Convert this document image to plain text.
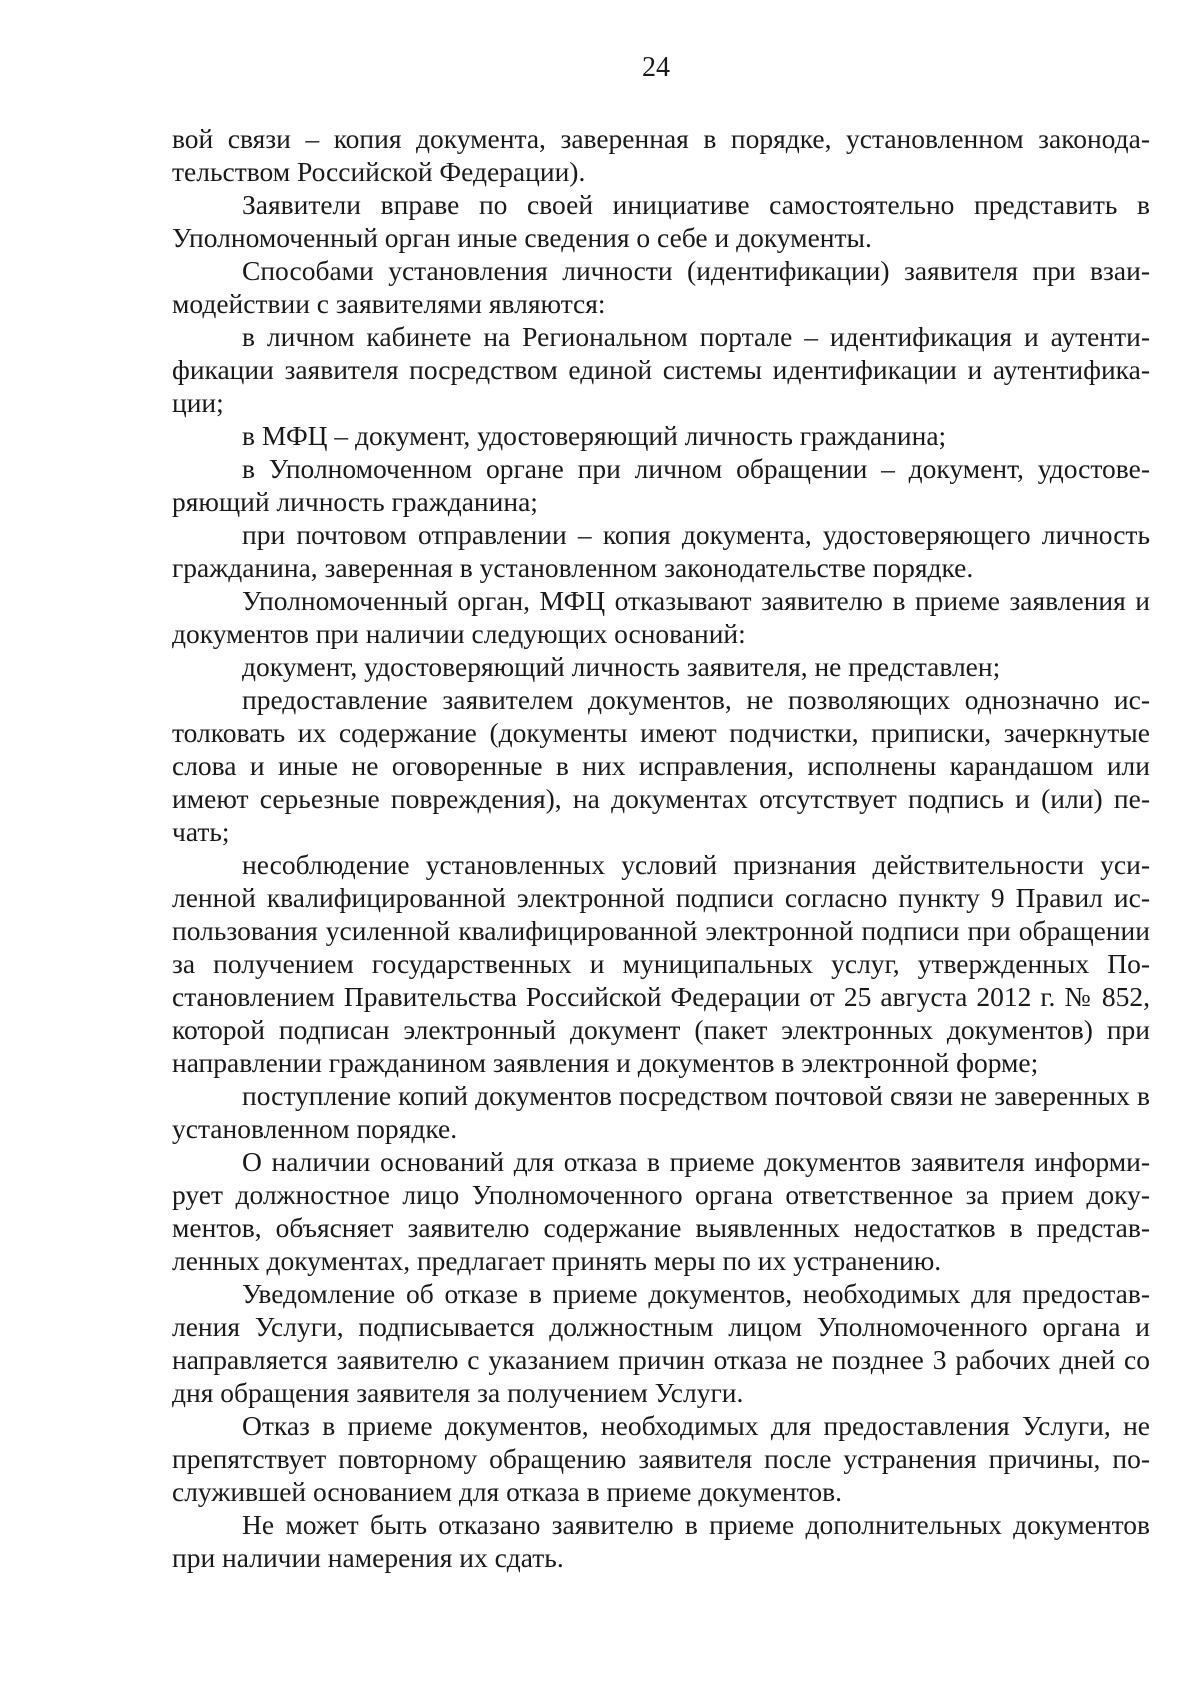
24

вой связи – копия документа, заверенная в порядке, установленном законодательством Российской Федерации).

Заявители вправе по своей инициативе самостоятельно представить в Уполномоченный орган иные сведения о себе и документы.

Способами установления личности (идентификации) заявителя при взаимодействии с заявителями являются:

в личном кабинете на Региональном портале – идентификация и аутентификации заявителя посредством единой системы идентификации и аутентификации;

в МФЦ – документ, удостоверяющий личность гражданина;

в Уполномоченном органе при личном обращении – документ, удостоверяющий личность гражданина;

при почтовом отправлении – копия документа, удостоверяющего личность гражданина, заверенная в установленном законодательстве порядке.

Уполномоченный орган, МФЦ отказывают заявителю в приеме заявления и документов при наличии следующих оснований:

документ, удостоверяющий личность заявителя, не представлен;

предоставление заявителем документов, не позволяющих однозначно истолковать их содержание (документы имеют подчистки, приписки, зачеркнутые слова и иные не оговоренные в них исправления, исполнены карандашом или имеют серьезные повреждения), на документах отсутствует подпись и (или) печать;

несоблюдение установленных условий признания действительности усиленной квалифицированной электронной подписи согласно пункту 9 Правил использования усиленной квалифицированной электронной подписи при обращении за получением государственных и муниципальных услуг, утвержденных Постановлением Правительства Российской Федерации от 25 августа 2012 г. № 852, которой подписан электронный документ (пакет электронных документов) при направлении гражданином заявления и документов в электронной форме;

поступление копий документов посредством почтовой связи не заверенных в установленном порядке.

О наличии оснований для отказа в приеме документов заявителя информирует должностное лицо Уполномоченного органа ответственное за прием документов, объясняет заявителю содержание выявленных недостатков в представленных документах, предлагает принять меры по их устранению.

Уведомление об отказе в приеме документов, необходимых для предоставления Услуги, подписывается должностным лицом Уполномоченного органа и направляется заявителю с указанием причин отказа не позднее 3 рабочих дней со дня обращения заявителя за получением Услуги.

Отказ в приеме документов, необходимых для предоставления Услуги, не препятствует повторному обращению заявителя после устранения причины, послужившей основанием для отказа в приеме документов.

Не может быть отказано заявителю в приеме дополнительных документов при наличии намерения их сдать.
